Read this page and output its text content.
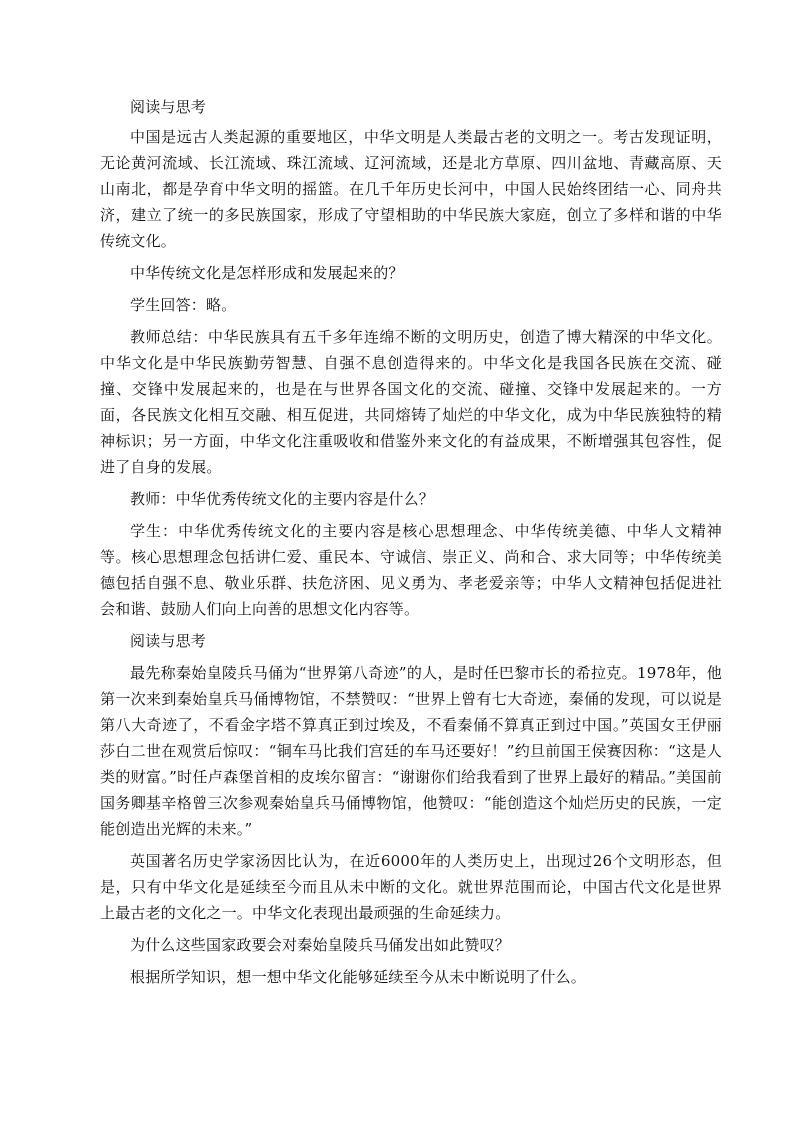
阅读与思考

中国是远古人类起源的重要地区，中华文明是人类最古老的文明之一。考古发现证明，无论黄河流域、长江流域、珠江流域、辽河流域，还是北方草原、四川盆地、青藏高原、天山南北，都是孕育中华文明的摇篮。在几千年历史长河中，中国人民始终团结一心、同舟共济，建立了统一的多民族国家，形成了守望相助的中华民族大家庭，创立了多样和谐的中华传统文化。

中华传统文化是怎样形成和发展起来的？

学生回答：略。

教师总结：中华民族具有五千多年连绵不断的文明历史，创造了博大精深的中华文化。中华文化是中华民族勤劳智慧、自强不息创造得来的。中华文化是我国各民族在交流、碰撞、交锋中发展起来的，也是在与世界各国文化的交流、碰撞、交锋中发展起来的。一方面，各民族文化相互交融、相互促进，共同熔铸了灿烂的中华文化，成为中华民族独特的精神标识；另一方面，中华文化注重吸收和借鉴外来文化的有益成果，不断增强其包容性，促进了自身的发展。

教师：中华优秀传统文化的主要内容是什么？

学生：中华优秀传统文化的主要内容是核心思想理念、中华传统美德、中华人文精神等。核心思想理念包括讲仁爱、重民本、守诚信、崇正义、尚和合、求大同等；中华传统美德包括自强不息、敬业乐群、扶危济困、见义勇为、孝老爱亲等；中华人文精神包括促进社会和谐、鼓励人们向上向善的思想文化内容等。

阅读与思考

最先称秦始皇陵兵马俑为“世界第八奇迹”的人，是时任巴黎市长的希拉克。1978年，他第一次来到秦始皇兵马俑博物馆，不禁赞叹：“世界上曾有七大奇迹，秦俑的发现，可以说是第八大奇迹了，不看金字塔不算真正到过埃及，不看秦俑不算真正到过中国。”英国女王伊丽莎白二世在观赏后惊叹：“铜车马比我们宫廷的车马还要好！”约旦前国王侯赛因称：“这是人类的财富。”时任卢森堡首相的皮埃尔留言：“谢谢你们给我看到了世界上最好的精品。”美国前国务卿基辛格曾三次参观秦始皇兵马俑博物馆，他赞叹：“能创造这个灿烂历史的民族，一定能创造出光辉的未来。”

英国著名历史学家汤因比认为，在近6000年的人类历史上，出现过26个文明形态，但是，只有中华文化是延续至今而且从未中断的文化。就世界范围而论，中国古代文化是世界上最古老的文化之一。中华文化表现出最顽强的生命延续力。

为什么这些国家政要会对秦始皇陵兵马俑发出如此赞叹？

根据所学知识，想一想中华文化能够延续至今从未中断说明了什么。
